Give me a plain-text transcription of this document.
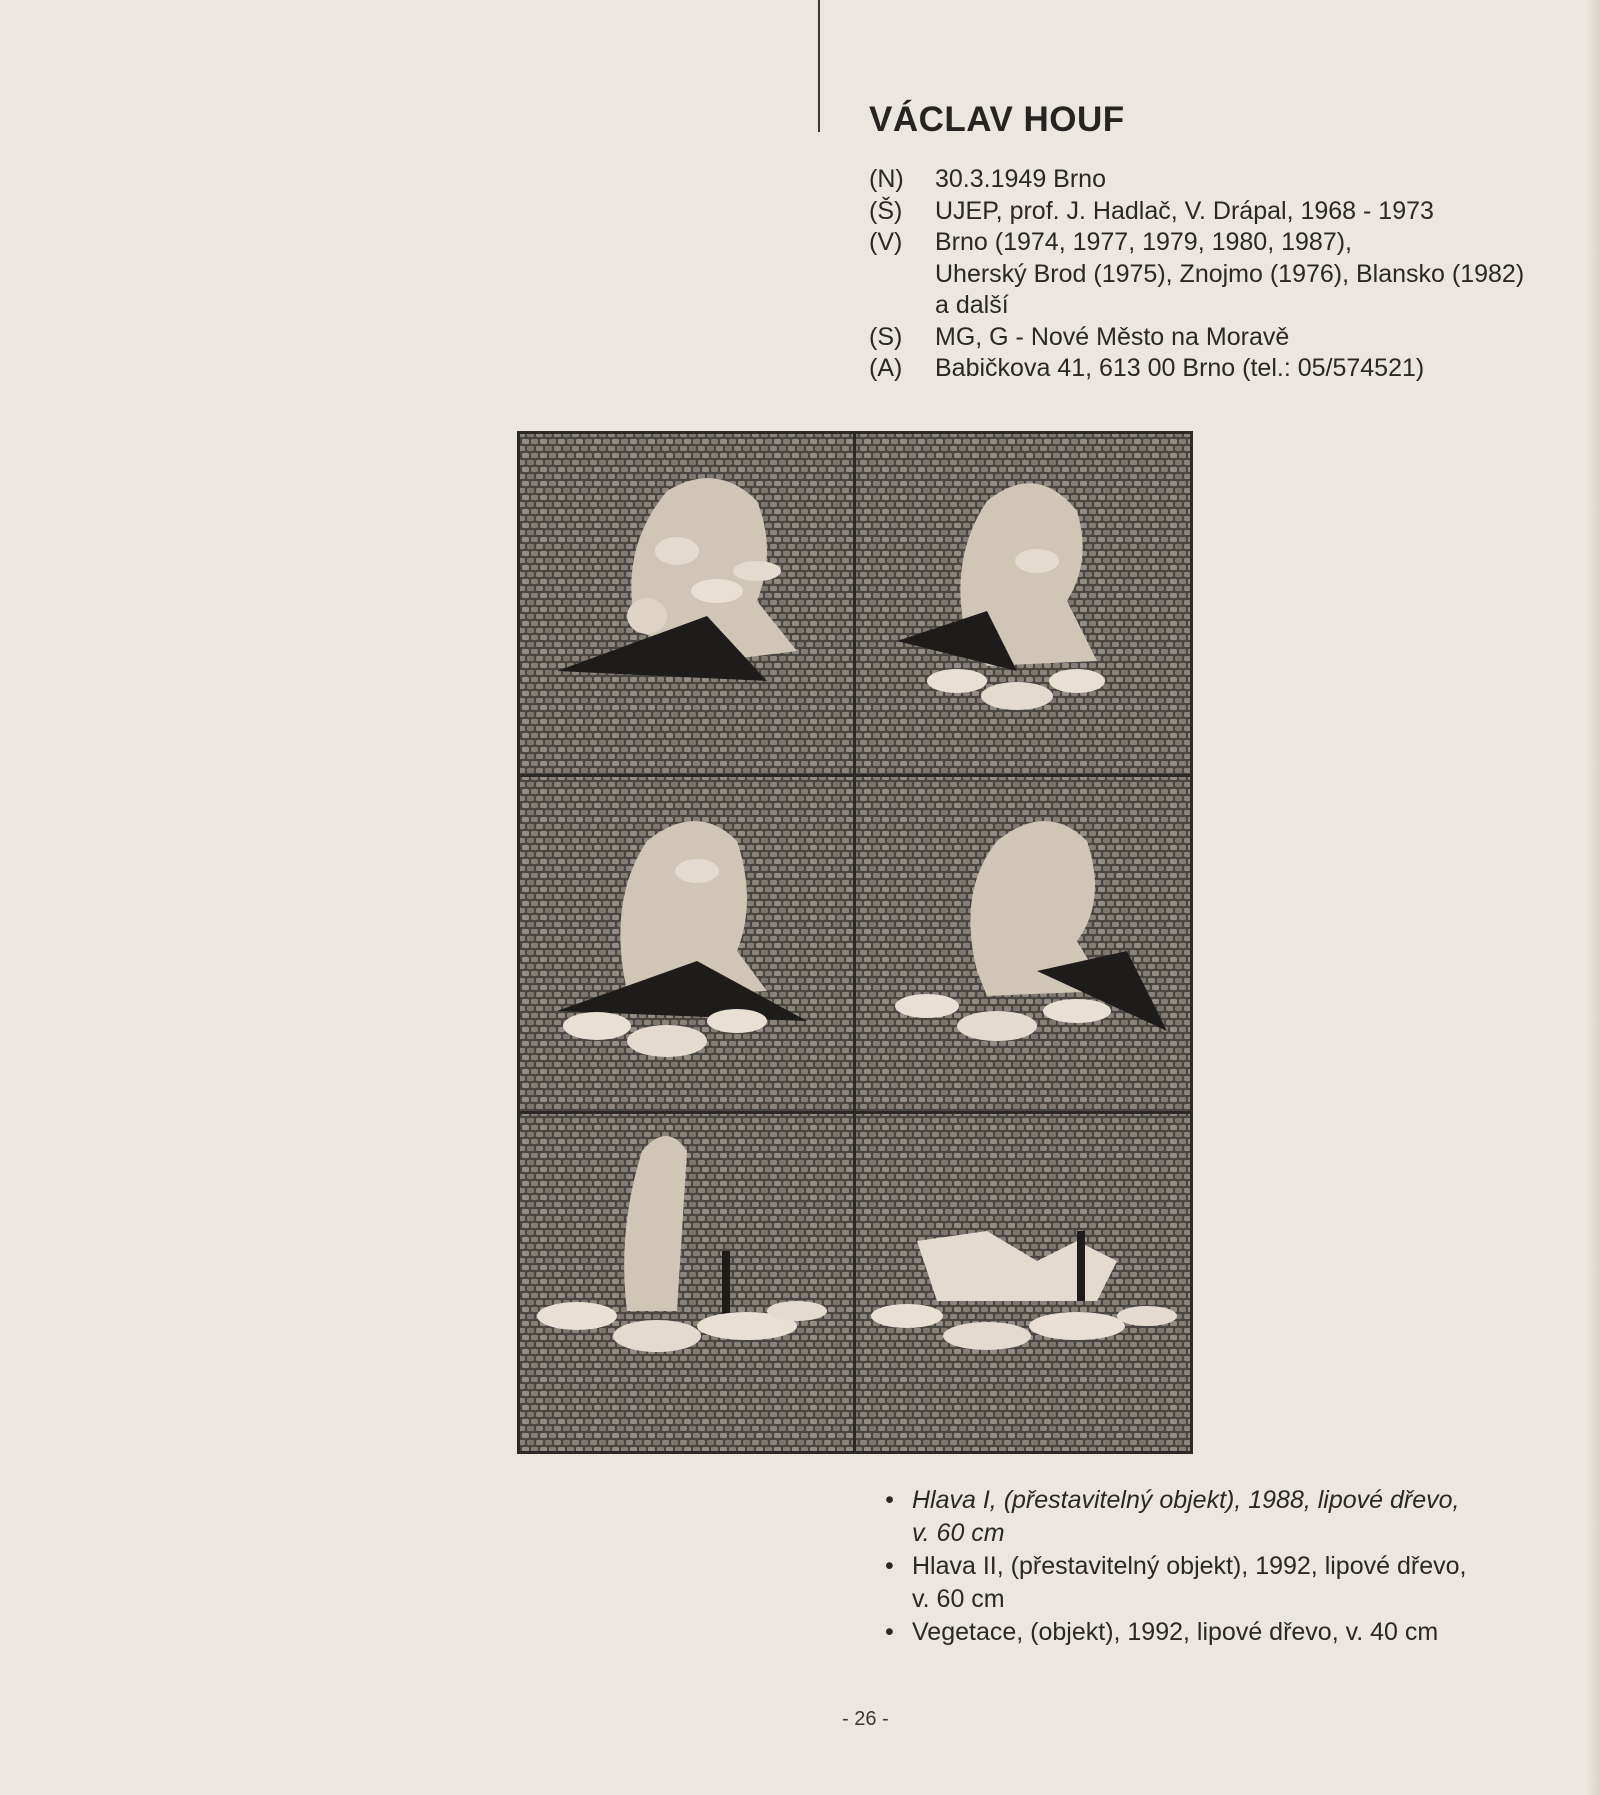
VÁCLAV HOUF
(N)	30.3.1949 Brno
(Š)	UJEP, prof. J. Hadlač, V. Drápal, 1968 - 1973
(V)	Brno (1974, 1977, 1979, 1980, 1987),
Uherský Brod (1975), Znojmo (1976), Blansko (1982)
a další
(S)	MG, G - Nové Město na Moravě
(A)	Babičkova 41, 613 00 Brno (tel.: 05/574521)
• Hlava I, (přestavitelný objekt), 1988, lipové dřevo,
v. 60 cm
• Hlava II, (přestavitelný objekt), 1992, lipové dřevo,
v. 60 cm
• Vegetace, (objekt), 1992, lipové dřevo, v. 40 cm
- 26 -
